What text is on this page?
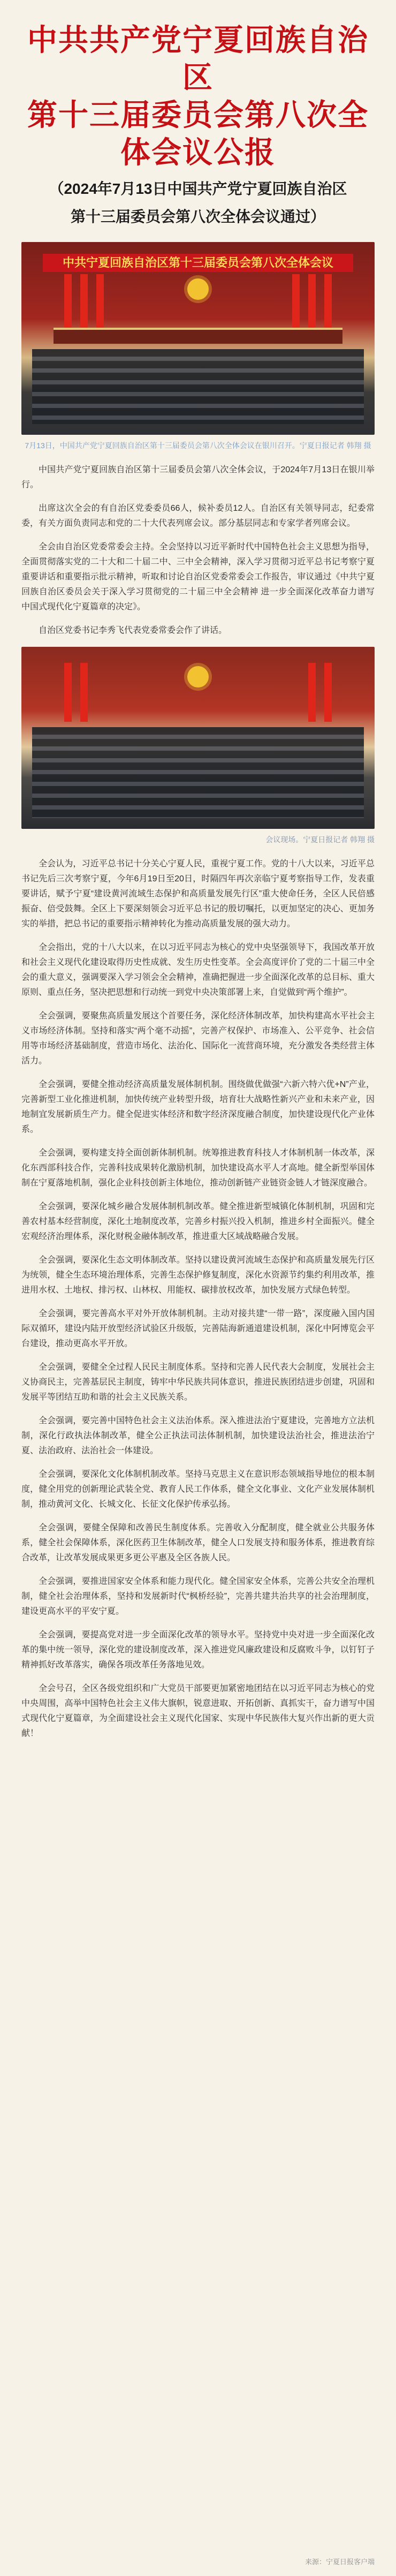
中共共产党宁夏回族自治区
第十三届委员会第八次全体会议公报
（2024年7月13日中国共产党宁夏回族自治区
第十三届委员会第八次全体会议通过）
中共宁夏回族自治区第十三届委员会第八次全体会议
7月13日，中国共产党宁夏回族自治区第十三届委员会第八次全体会议在银川召开。宁夏日报记者 韩翔 摄

中国共产党宁夏回族自治区第十三届委员会第八次全体会议，于2024年7月13日在银川举行。

出席这次全会的有自治区党委委员66人，候补委员12人。自治区有关领导同志，纪委常委，有关方面负责同志和党的二十大代表列席会议。部分基层同志和专家学者列席会议。

全会由自治区党委常委会主持。全会坚持以习近平新时代中国特色社会主义思想为指导，全面贯彻落实党的二十大和二十届二中、三中全会精神，深入学习贯彻习近平总书记考察宁夏重要讲话和重要指示批示精神，听取和讨论自治区党委常委会工作报告，审议通过《中共宁夏回族自治区委员会关于深入学习贯彻党的二十届三中全会精神 进一步全面深化改革奋力谱写中国式现代化宁夏篇章的决定》。

自治区党委书记李秀飞代表党委常委会作了讲话。

会议现场。宁夏日报记者 韩翔 摄

全会认为，习近平总书记十分关心宁夏人民，重视宁夏工作。党的十八大以来，习近平总书记先后三次考察宁夏，今年6月19日至20日，时隔四年再次亲临宁夏考察指导工作，发表重要讲话，赋予宁夏“建设黄河流域生态保护和高质量发展先行区”重大使命任务，全区人民倍感振奋、倍受鼓舞。全区上下要深刻领会习近平总书记的殷切嘱托，以更加坚定的决心、更加务实的举措，把总书记的重要指示精神转化为推动高质量发展的强大动力。

全会指出，党的十八大以来，在以习近平同志为核心的党中央坚强领导下，我国改革开放和社会主义现代化建设取得历史性成就、发生历史性变革。全会高度评价了党的二十届三中全会的重大意义，强调要深入学习领会全会精神，准确把握进一步全面深化改革的总目标、重大原则、重点任务，坚决把思想和行动统一到党中央决策部署上来，自觉做到“两个维护”。

全会强调，要聚焦高质量发展这个首要任务，深化经济体制改革，加快构建高水平社会主义市场经济体制。坚持和落实“两个毫不动摇”，完善产权保护、市场准入、公平竞争、社会信用等市场经济基础制度，营造市场化、法治化、国际化一流营商环境，充分激发各类经营主体活力。

全会强调，要健全推动经济高质量发展体制机制。围绕做优做强“六新六特六优+N”产业，完善新型工业化推进机制，加快传统产业转型升级，培育壮大战略性新兴产业和未来产业，因地制宜发展新质生产力。健全促进实体经济和数字经济深度融合制度，加快建设现代化产业体系。

全会强调，要构建支持全面创新体制机制。统筹推进教育科技人才体制机制一体改革，深化东西部科技合作，完善科技成果转化激励机制，加快建设高水平人才高地。健全新型举国体制在宁夏落地机制，强化企业科技创新主体地位，推动创新链产业链资金链人才链深度融合。

全会强调，要深化城乡融合发展体制机制改革。健全推进新型城镇化体制机制，巩固和完善农村基本经营制度，深化土地制度改革，完善乡村振兴投入机制，推进乡村全面振兴。健全宏观经济治理体系，深化财税金融体制改革，推进重大区域战略融合发展。

全会强调，要深化生态文明体制改革。坚持以建设黄河流域生态保护和高质量发展先行区为统领，健全生态环境治理体系，完善生态保护修复制度，深化水资源节约集约利用改革，推进用水权、土地权、排污权、山林权、用能权、碳排放权改革，加快发展方式绿色转型。

全会强调，要完善高水平对外开放体制机制。主动对接共建“一带一路”，深度融入国内国际双循环，建设内陆开放型经济试验区升级版，完善陆海新通道建设机制，深化中阿博览会平台建设，推动更高水平开放。

全会强调，要健全全过程人民民主制度体系。坚持和完善人民代表大会制度，发展社会主义协商民主，完善基层民主制度，铸牢中华民族共同体意识，推进民族团结进步创建，巩固和发展平等团结互助和谐的社会主义民族关系。

全会强调，要完善中国特色社会主义法治体系。深入推进法治宁夏建设，完善地方立法机制，深化行政执法体制改革，健全公正执法司法体制机制，加快建设法治社会，推进法治宁夏、法治政府、法治社会一体建设。

全会强调，要深化文化体制机制改革。坚持马克思主义在意识形态领域指导地位的根本制度，健全用党的创新理论武装全党、教育人民工作体系，健全文化事业、文化产业发展体制机制，推动黄河文化、长城文化、长征文化保护传承弘扬。

全会强调，要健全保障和改善民生制度体系。完善收入分配制度，健全就业公共服务体系，健全社会保障体系，深化医药卫生体制改革，健全人口发展支持和服务体系，推进教育综合改革，让改革发展成果更多更公平惠及全区各族人民。

全会强调，要推进国家安全体系和能力现代化。健全国家安全体系，完善公共安全治理机制，健全社会治理体系，坚持和发展新时代“枫桥经验”，完善共建共治共享的社会治理制度，建设更高水平的平安宁夏。

全会强调，要提高党对进一步全面深化改革的领导水平。坚持党中央对进一步全面深化改革的集中统一领导，深化党的建设制度改革，深入推进党风廉政建设和反腐败斗争，以钉钉子精神抓好改革落实，确保各项改革任务落地见效。

全会号召，全区各级党组织和广大党员干部要更加紧密地团结在以习近平同志为核心的党中央周围，高举中国特色社会主义伟大旗帜，锐意进取、开拓创新、真抓实干，奋力谱写中国式现代化宁夏篇章，为全面建设社会主义现代化国家、实现中华民族伟大复兴作出新的更大贡献！

来源：宁夏日报客户端
